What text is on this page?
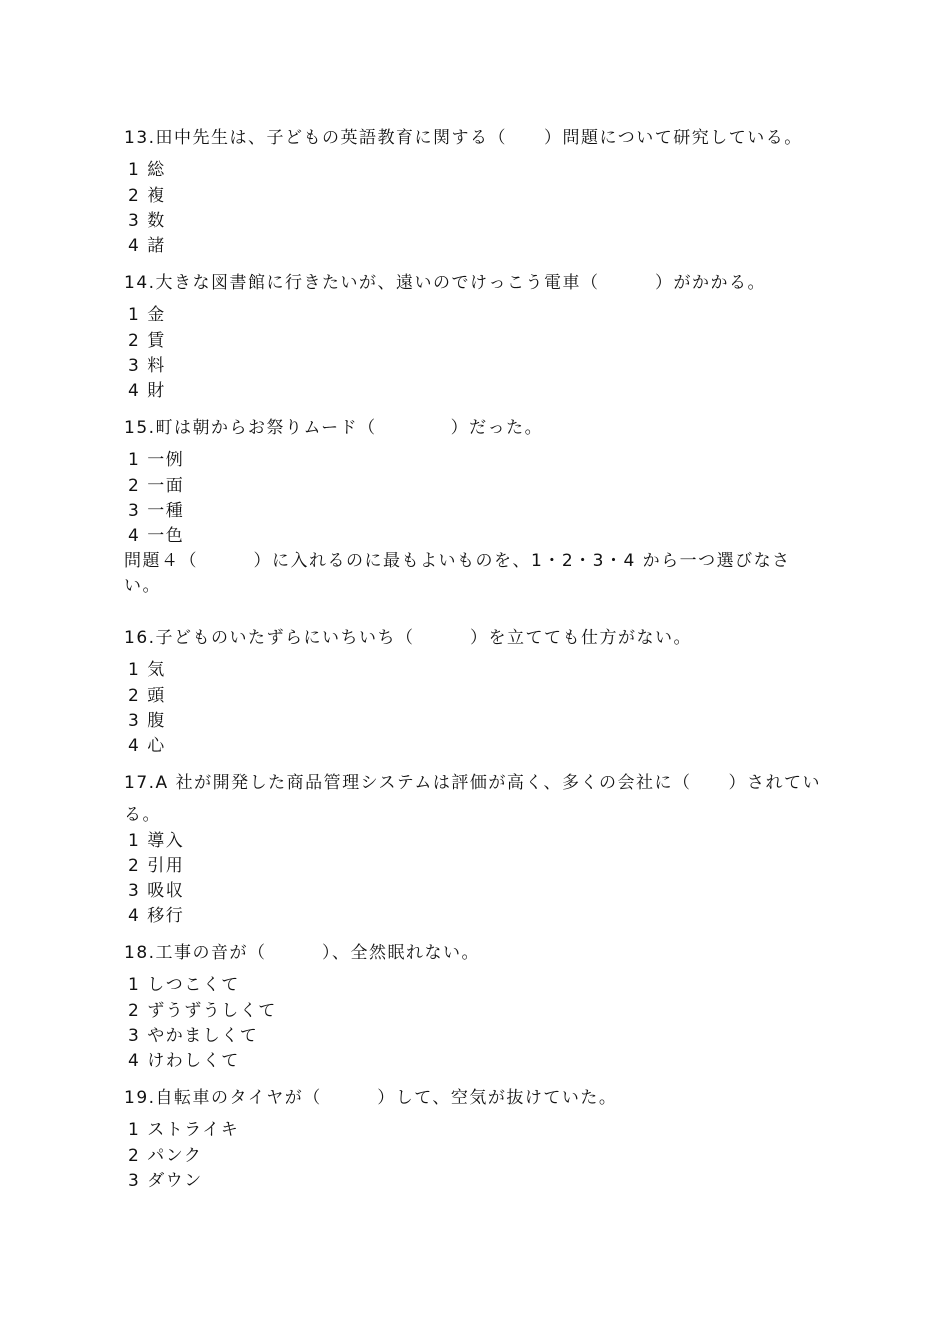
13.田中先生は、子どもの英語教育に関する（　　）問題について研究している。
1 総
2 複
3 数
4 諸
14.大きな図書館に行きたいが、遠いのでけっこう電車（　　　）がかかる。
1 金
2 賃
3 料
4 財
15.町は朝からお祭りムード（　　　　）だった。
1 一例
2 一面
3 一種
4 一色
問題４（　　　）に入れるのに最もよいものを、1・2・3・4 から一つ選びなさ
い。
16.子どものいたずらにいちいち（　　　）を立てても仕方がない。
1 気
2 頭
3 腹
4 心
17.A 社が開発した商品管理システムは評価が高く、多くの会社に（　　）されてい
る。
1 導入
2 引用
3 吸収
4 移行
18.工事の音が（　　　）、全然眠れない。
1 しつこくて
2 ずうずうしくて
3 やかましくて
4 けわしくて
19.自転車のタイヤが（　　　）して、空気が抜けていた。
1 ストライキ
2 パンク
3 ダウン
